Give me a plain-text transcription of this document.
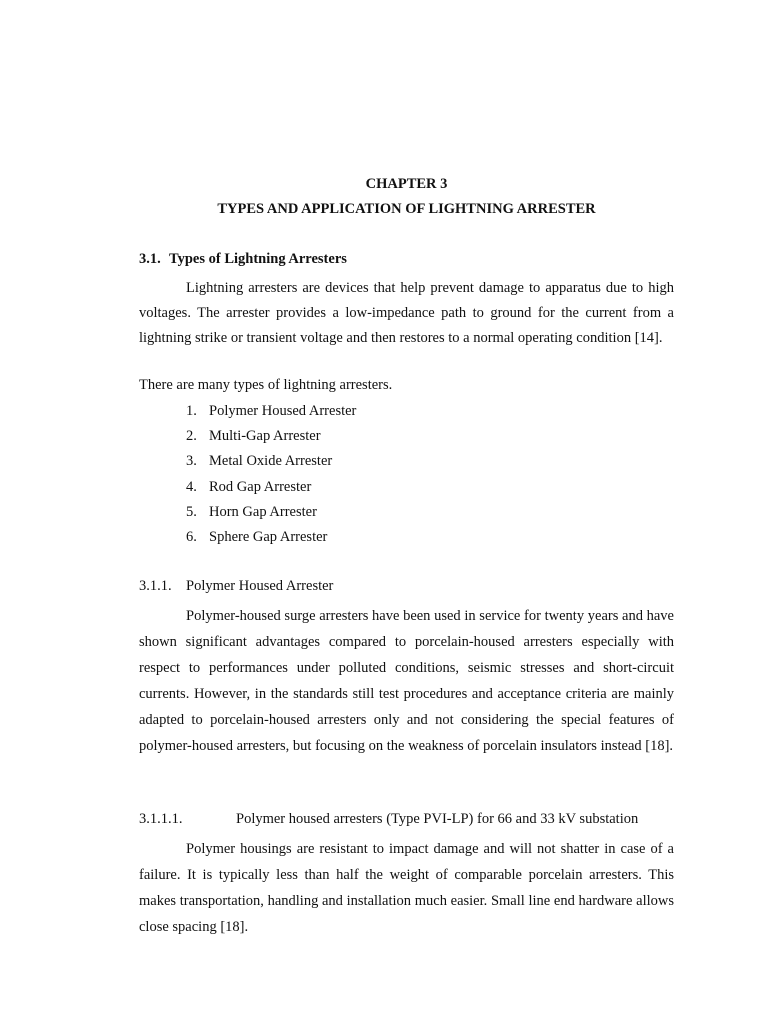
CHAPTER 3
TYPES AND APPLICATION OF LIGHTNING ARRESTER
3.1. Types of Lightning Arresters

Lightning arresters are devices that help prevent damage to apparatus due to high voltages. The arrester provides a low-impedance path to ground for the current from a lightning strike or transient voltage and then restores to a normal operating condition [14].

There are many types of lightning arresters.

1. Polymer Housed Arrester
2. Multi-Gap Arrester
3. Metal Oxide Arrester
4. Rod Gap Arrester
5. Horn Gap Arrester
6. Sphere Gap Arrester
3.1.1. Polymer Housed Arrester

Polymer-housed surge arresters have been used in service for twenty years and have shown significant advantages compared to porcelain-housed arresters especially with respect to performances under polluted conditions, seismic stresses and short-circuit currents. However, in the standards still test procedures and acceptance criteria are mainly adapted to porcelain-housed arresters only and not considering the special features of polymer-housed arresters, but focusing on the weakness of porcelain insulators instead [18].

3.1.1.1.	Polymer housed arresters (Type PVI-LP) for 66 and 33 kV substation

Polymer housings are resistant to impact damage and will not shatter in case of a failure. It is typically less than half the weight of comparable porcelain arresters. This makes transportation, handling and installation much easier. Small line end hardware allows close spacing [18].
